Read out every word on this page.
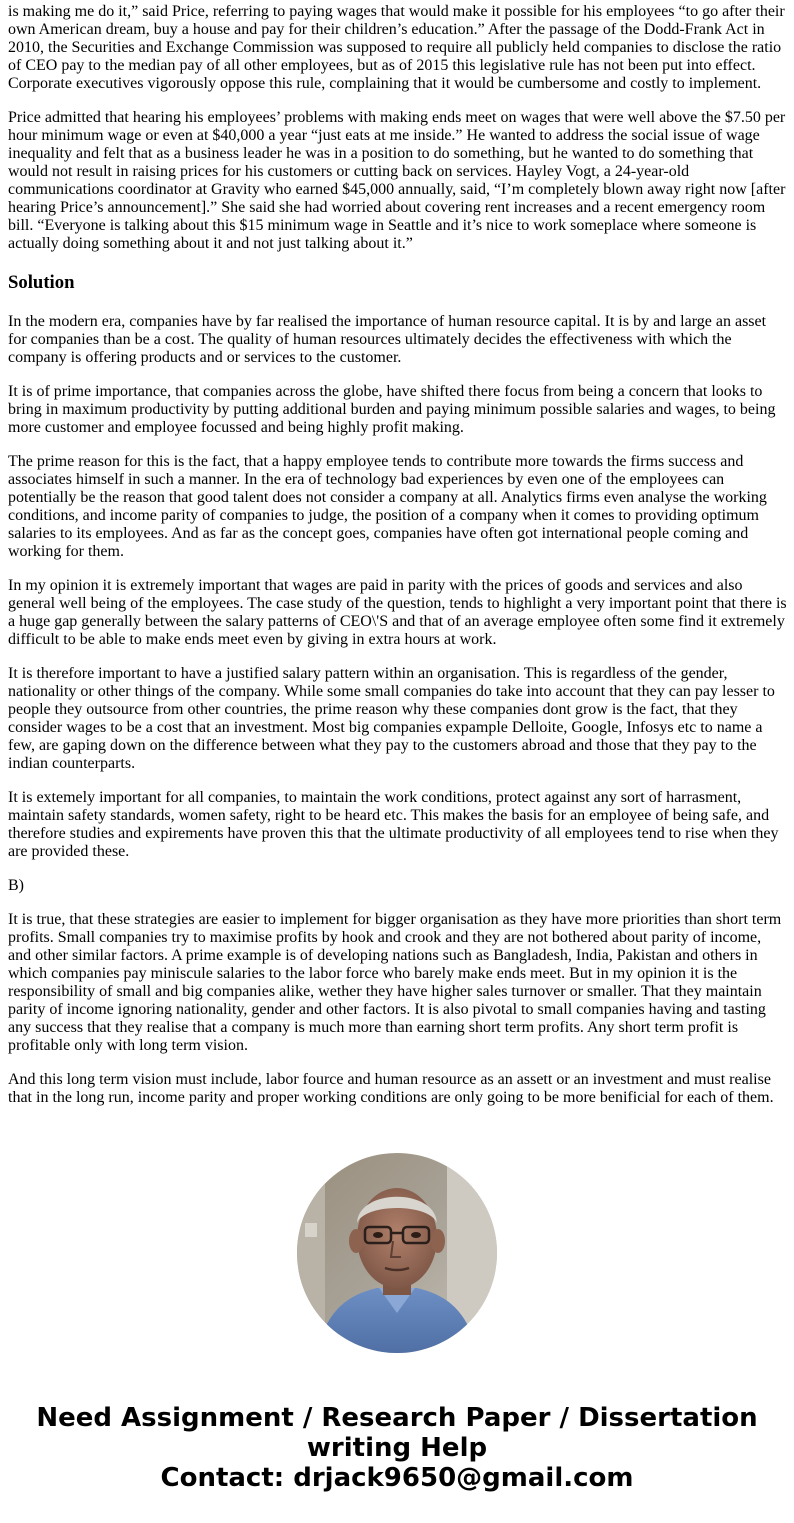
is making me do it,” said Price, referring to paying wages that would make it possible for his employees “to go after their own American dream, buy a house and pay for their children’s education.” After the passage of the Dodd-Frank Act in 2010, the Securities and Exchange Commission was supposed to require all publicly held companies to disclose the ratio of CEO pay to the median pay of all other employees, but as of 2015 this legislative rule has not been put into effect. Corporate executives vigorously oppose this rule, complaining that it would be cumbersome and costly to implement.

Price admitted that hearing his employees’ problems with making ends meet on wages that were well above the $7.50 per hour minimum wage or even at $40,000 a year “just eats at me inside.” He wanted to address the social issue of wage inequality and felt that as a business leader he was in a position to do something, but he wanted to do something that would not result in raising prices for his customers or cutting back on services. Hayley Vogt, a 24-year-old communications coordinator at Gravity who earned $45,000 annually, said, “I’m completely blown away right now [after hearing Price’s announcement].” She said she had worried about covering rent increases and a recent emergency room bill. “Everyone is talking about this $15 minimum wage in Seattle and it’s nice to work someplace where someone is actually doing something about it and not just talking about it.”

Solution

In the modern era, companies have by far realised the importance of human resource capital. It is by and large an asset for companies than be a cost. The quality of human resources ultimately decides the effectiveness with which the company is offering products and or services to the customer.

It is of prime importance, that companies across the globe, have shifted there focus from being a concern that looks to bring in maximum productivity by putting additional burden and paying minimum possible salaries and wages, to being more customer and employee focussed and being highly profit making.

The prime reason for this is the fact, that a happy employee tends to contribute more towards the firms success and associates himself in such a manner. In the era of technology bad experiences by even one of the employees can potentially be the reason that good talent does not consider a company at all. Analytics firms even analyse the working conditions, and income parity of companies to judge, the position of a company when it comes to providing optimum salaries to its employees. And as far as the concept goes, companies have often got international people coming and working for them.

In my opinion it is extremely important that wages are paid in parity with the prices of goods and services and also general well being of the employees. The case study of the question, tends to highlight a very important point that there is a huge gap generally between the salary patterns of CEO\'S and that of an average employee often some find it extremely difficult to be able to make ends meet even by giving in extra hours at work.

It is therefore important to have a justified salary pattern within an organisation. This is regardless of the gender, nationality or other things of the company. While some small companies do take into account that they can pay lesser to people they outsource from other countries, the prime reason why these companies dont grow is the fact, that they consider wages to be a cost that an investment. Most big companies expample Delloite, Google, Infosys etc to name a few, are gaping down on the difference between what they pay to the customers abroad and those that they pay to the indian counterparts.

It is extemely important for all companies, to maintain the work conditions, protect against any sort of harrasment, maintain safety standards, women safety, right to be heard etc. This makes the basis for an employee of being safe, and therefore studies and expirements have proven this that the ultimate productivity of all employees tend to rise when they are provided these.

B)

It is true, that these strategies are easier to implement for bigger organisation as they have more priorities than short term profits. Small companies try to maximise profits by hook and crook and they are not bothered about parity of income, and other similar factors. A prime example is of developing nations such as Bangladesh, India, Pakistan and others in which companies pay miniscule salaries to the labor force who barely make ends meet. But in my opinion it is the responsibility of small and big companies alike, wether they have higher sales turnover or smaller. That they maintain parity of income ignoring nationality, gender and other factors. It is also pivotal to small companies having and tasting any success that they realise that a company is much more than earning short term profits. Any short term profit is profitable only with long term vision.

And this long term vision must include, labor fource and human resource as an assett or an investment and must realise that in the long run, income parity and proper working conditions are only going to be more benificial for each of them.

Need Assignment / Research Paper / Dissertation
writing Help
Contact: drjack9650@gmail.com
